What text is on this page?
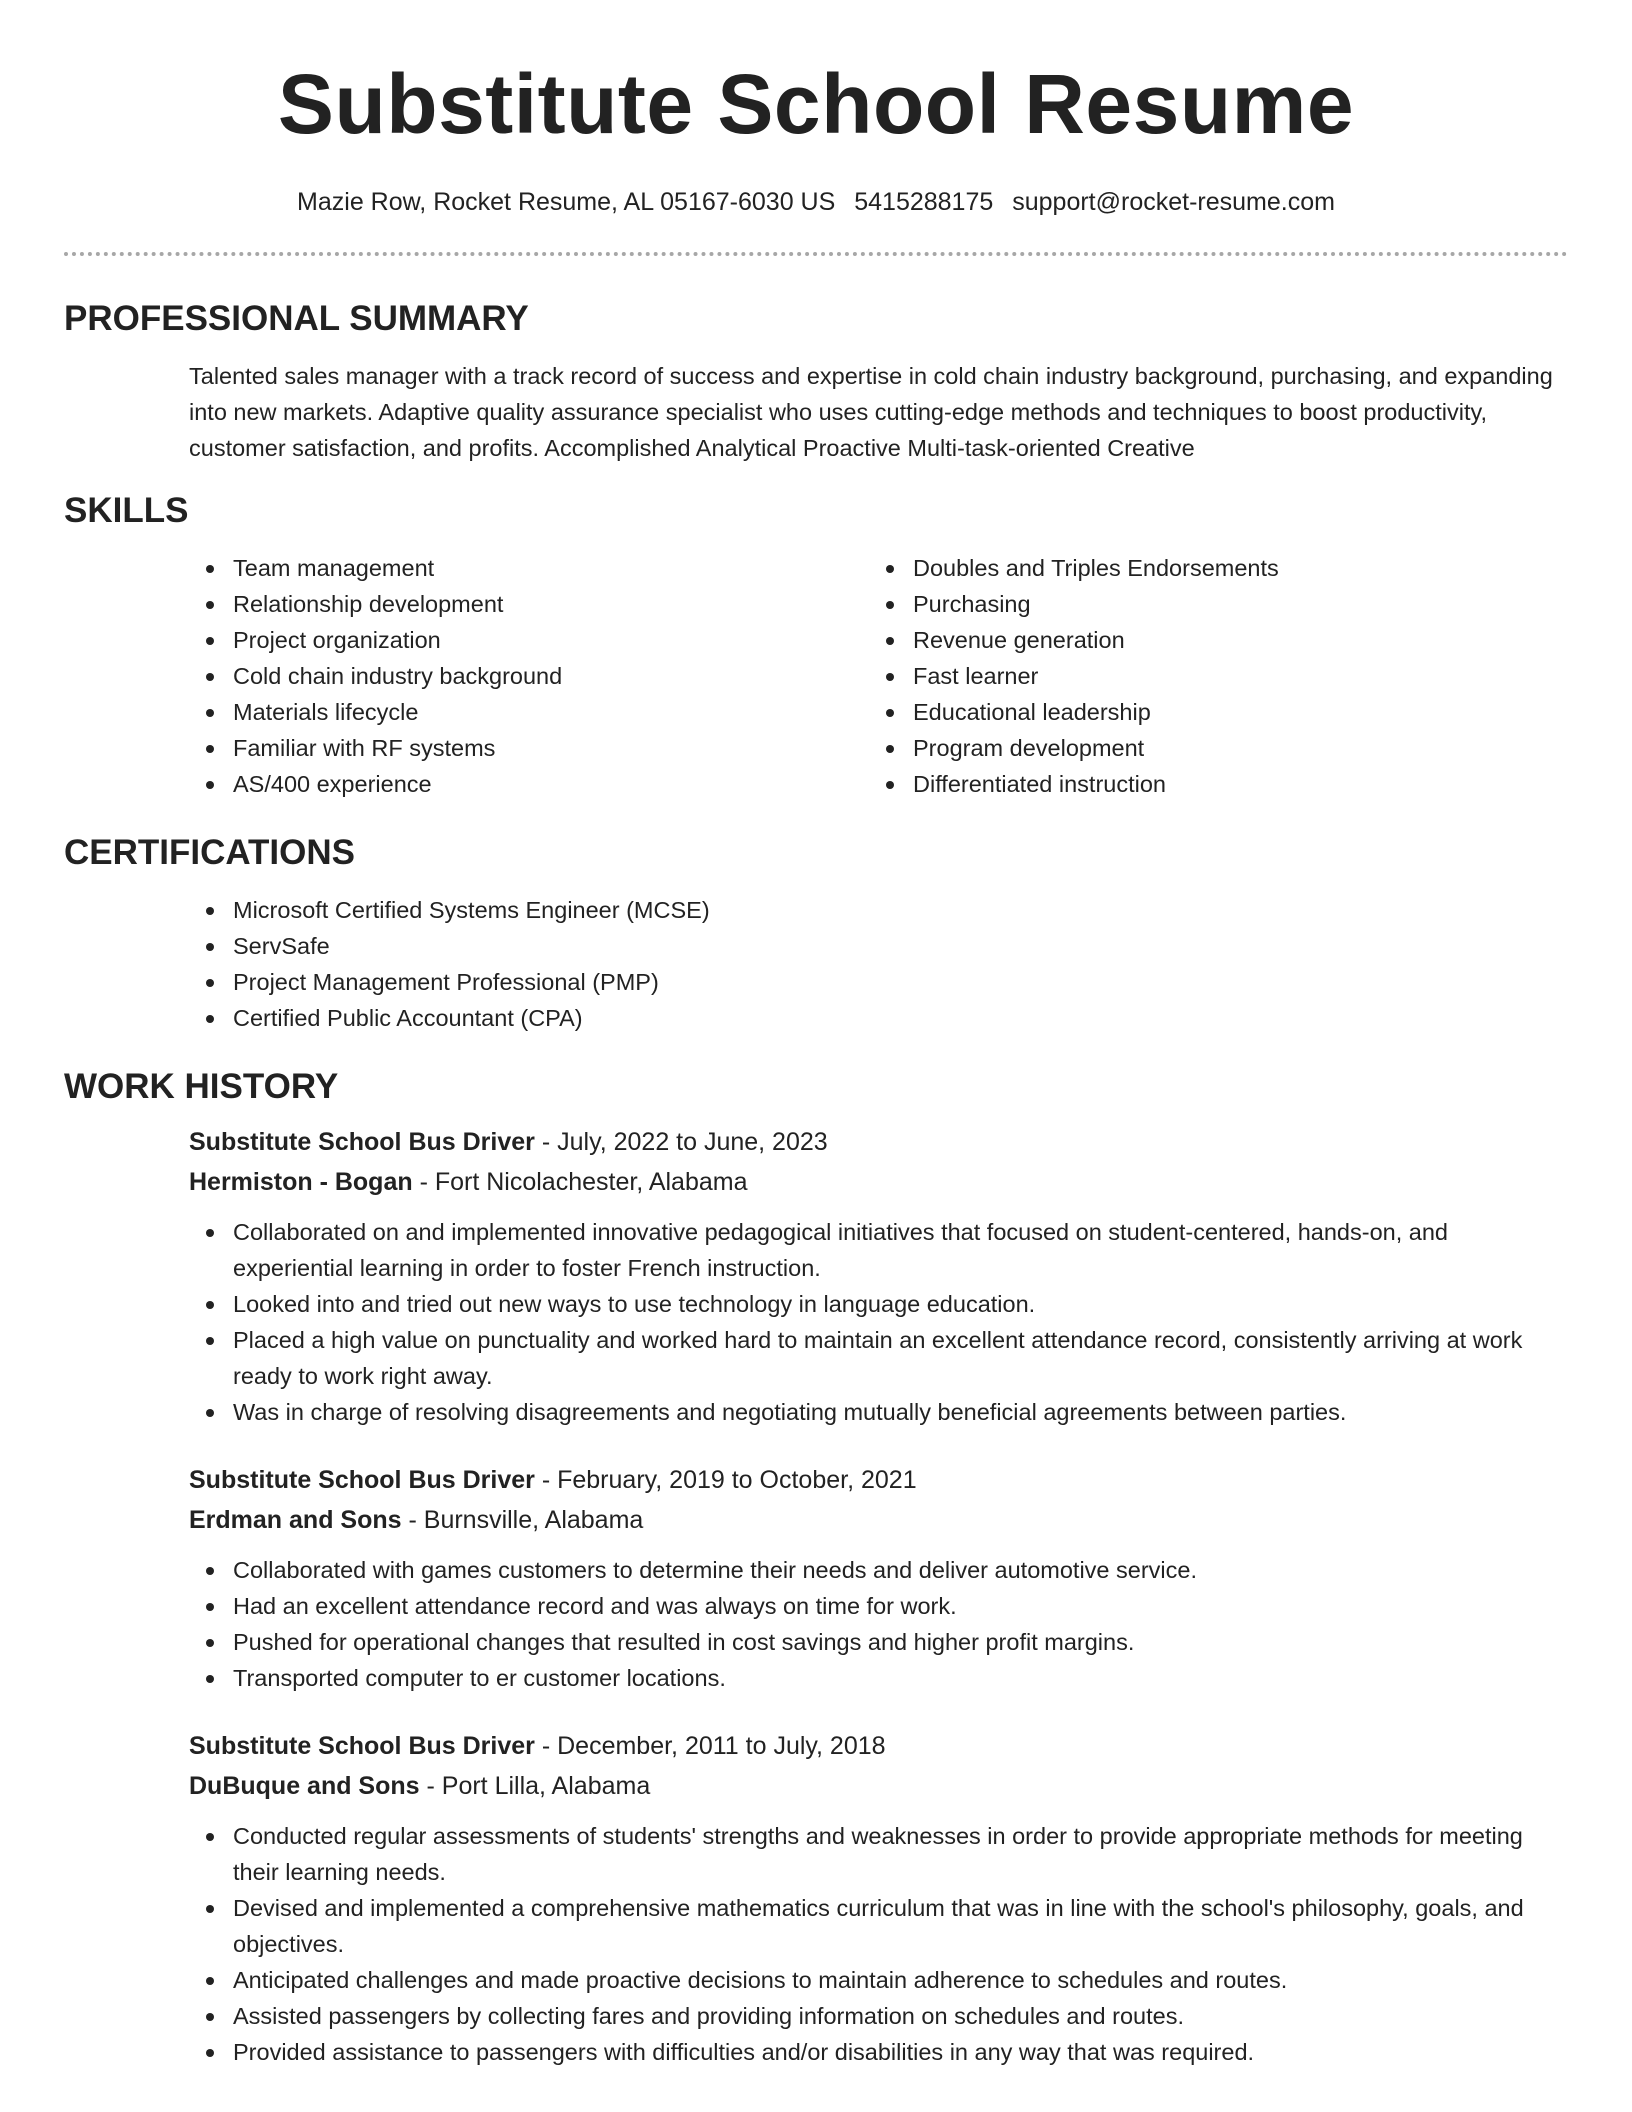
Substitute School Resume
Mazie Row, Rocket Resume, AL 05167-6030 US 5415288175 support@rocket-resume.com
PROFESSIONAL SUMMARY

Talented sales manager with a track record of success and expertise in cold chain industry background, purchasing, and expanding into new markets. Adaptive quality assurance specialist who uses cutting-edge methods and techniques to boost productivity, customer satisfaction, and profits. Accomplished Analytical Proactive Multi-task-oriented Creative

SKILLS
Team management
Relationship development
Project organization
Cold chain industry background
Materials lifecycle
Familiar with RF systems
AS/400 experience
Doubles and Triples Endorsements
Purchasing
Revenue generation
Fast learner
Educational leadership
Program development
Differentiated instruction
CERTIFICATIONS
Microsoft Certified Systems Engineer (MCSE)
ServSafe
Project Management Professional (PMP)
Certified Public Accountant (CPA)
WORK HISTORY
Substitute School Bus Driver - July, 2022 to June, 2023
Hermiston - Bogan - Fort Nicolachester, Alabama
Collaborated on and implemented innovative pedagogical initiatives that focused on student-centered, hands-on, and experiential learning in order to foster French instruction.
Looked into and tried out new ways to use technology in language education.
Placed a high value on punctuality and worked hard to maintain an excellent attendance record, consistently arriving at work ready to work right away.
Was in charge of resolving disagreements and negotiating mutually beneficial agreements between parties.
Substitute School Bus Driver - February, 2019 to October, 2021
Erdman and Sons - Burnsville, Alabama
Collaborated with games customers to determine their needs and deliver automotive service.
Had an excellent attendance record and was always on time for work.
Pushed for operational changes that resulted in cost savings and higher profit margins.
Transported computer to er customer locations.
Substitute School Bus Driver - December, 2011 to July, 2018
DuBuque and Sons - Port Lilla, Alabama
Conducted regular assessments of students' strengths and weaknesses in order to provide appropriate methods for meeting their learning needs.
Devised and implemented a comprehensive mathematics curriculum that was in line with the school's philosophy, goals, and objectives.
Anticipated challenges and made proactive decisions to maintain adherence to schedules and routes.
Assisted passengers by collecting fares and providing information on schedules and routes.
Provided assistance to passengers with difficulties and/or disabilities in any way that was required.
